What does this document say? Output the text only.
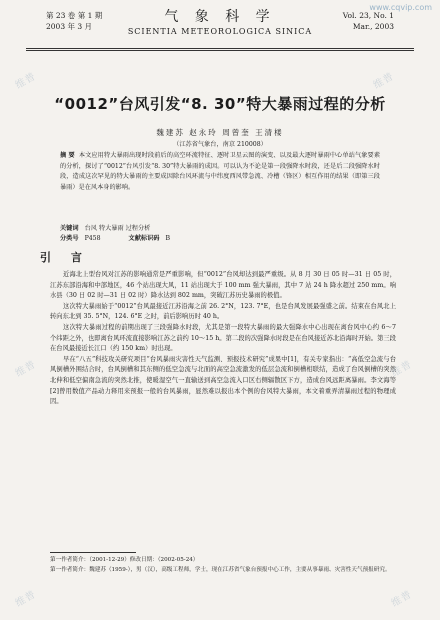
www.cqvip.com
第 23 卷 第 1 期
2003 年 3 月
气 象 科 学
SCIENTIA METEOROLOGICA SINICA
Vol. 23, No. 1
Mar., 2003
“0012”台风引发“8. 30”特大暴雨过程的分析
魏建苏 赵永玲 周曾奎 王清楼
（江苏省气象台，南京 210008）
摘 要 本文应用特大暴雨出现时段前后的高空环流特征、逐时卫星云图的演变、以及最大逐时暴雨中心单站气象要素的分析，探讨了“0012”台风引发“8. 30”特大暴雨的成因。可以认为不论是第一段强降水时段，还是后二段强降水时段，造成这次罕见的特大暴雨的主要成因除台风环流与中纬度西风带急流、冷槽（锋区）相互作用的结果（即第三段暴雨）是在风本身的影响。
关键词 台风 特大暴雨 过程分析
分类号 P458	文献标识码 B
引 言

近海北上型台风对江苏的影响通常是严重影响，但“0012”台风却达到最严重级。从 8 月 30 日 05 时—31 日 05 时，江苏东部沿海和中部地区，46 个站出现大风，11 站出现大于 100 mm 强大暴雨，其中 7 站 24 h 降水超过 250 mm。响水县（30 日 02 时—31 日 02 时）降水达到 802 mm，突破江苏历史暴雨的极值。

这次特大暴雨始于“0012”台风最接近江苏沿海之前 26. 2°N，123. 7°E，也是台风发展最强盛之前。结束在台风北上转向东北到 35. 5°N，124. 6°E 之时，前后影响历时 40 h。

这次特大暴雨过程的前期出现了三段强降水时段，尤其是第一段特大暴雨的最大强降水中心出现在离台风中心约 6～7 个纬距之外，也即离台风环流直接影响江苏之前约 10～15 h。第二段的次强降水时段是在台风接近苏北沿海时开始。第三段在台风最接近长江口（约 150 km）时出现。

早在“八五”科技攻关研究项目“台风暴雨灾害性天气监测、预报技术研究”成果中[1]，有关专家指出：“高低空急流与台风倒槽外围结合时，台风倒槽和其东侧的低空急流与北面的高空急流激发的低层急流和倒槽相联结，造成了台风倒槽的突然北伸和低空偏南急流的突然北推，使暖湿空气一直输送到高空急流入口区右侧辐散区下方，造成台风远距离暴雨。李文海等[2]曾用数值产品动力释用来预报一般的台风暴雨，显然难以报出本个例的台风特大暴雨，本文着重弄清暴雨过程的物理成因。

第一作者简介：（2001-12-29）修改日期：（2002-05-24）
第一作者简介：魏建苏（1959-），男（汉），高级工程师，学士，现在江苏省气象台预报中心工作，主要从事暴雨、灾害性天气预报研究。
维普	维普
维普	维普
维普	维普
